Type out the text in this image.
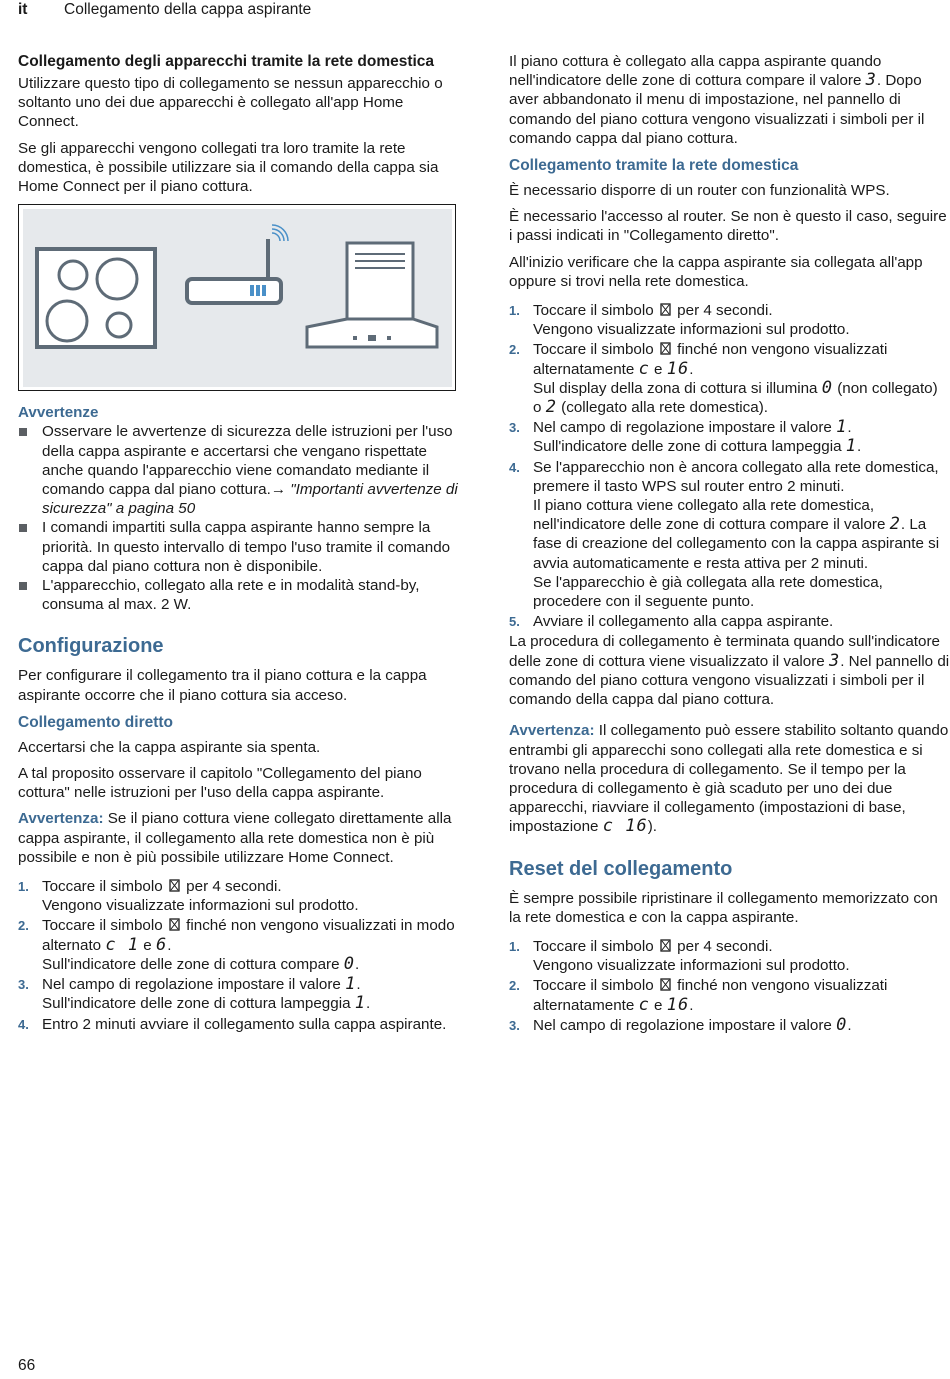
it Collegamento della cappa aspirante
Collegamento degli apparecchi tramite la rete domestica

Utilizzare questo tipo di collegamento se nessun apparecchio o soltanto uno dei due apparecchi è collegato all'app Home Connect.

Se gli apparecchi vengono collegati tra loro tramite la rete domestica, è possibile utilizzare sia il comando della cappa sia Home Connect per il piano cottura.

Avvertenze
Osservare le avvertenze di sicurezza delle istruzioni per l'uso della cappa aspirante e accertarsi che vengano rispettate anche quando l'apparecchio viene comandato mediante il comando cappa dal piano cottura.→ "Importanti avvertenze di sicurezza" a pagina 50
I comandi impartiti sulla cappa aspirante hanno sempre la priorità. In questo intervallo di tempo l'uso tramite il comando cappa dal piano cottura non è disponibile.
L'apparecchio, collegato alla rete e in modalità stand-by, consuma al max. 2 W.
Configurazione

Per configurare il collegamento tra il piano cottura e la cappa aspirante occorre che il piano cottura sia acceso.

Collegamento diretto

Accertarsi che la cappa aspirante sia spenta.

A tal proposito osservare il capitolo "Collegamento del piano cottura" nelle istruzioni per l'uso della cappa aspirante.

Avvertenza: Se il piano cottura viene collegato direttamente alla cappa aspirante, il collegamento alla rete domestica non è più possibile e non è più possibile utilizzare Home Connect.

1. Toccare il simbolo per 4 secondi.
Vengono visualizzate informazioni sul prodotto.
2. Toccare il simbolo finché non vengono visualizzati in modo alternato c 1 e 6.
Sull'indicatore delle zone di cottura compare 0.
3. Nel campo di regolazione impostare il valore 1.
Sull'indicatore delle zone di cottura lampeggia 1.
4. Entro 2 minuti avviare il collegamento sulla cappa aspirante.

Il piano cottura è collegato alla cappa aspirante quando nell'indicatore delle zone di cottura compare il valore 3. Dopo aver abbandonato il menu di impostazione, nel pannello di comando del piano cottura vengono visualizzati i simboli per il comando cappa dal piano cottura.

Collegamento tramite la rete domestica

È necessario disporre di un router con funzionalità WPS.

È necessario l'accesso al router. Se non è questo il caso, seguire i passi indicati in "Collegamento diretto".

All'inizio verificare che la cappa aspirante sia collegata all'app oppure si trovi nella rete domestica.

1. Toccare il simbolo per 4 secondi.
Vengono visualizzate informazioni sul prodotto.
2. Toccare il simbolo finché non vengono visualizzati alternatamente c e 16.
Sul display della zona di cottura si illumina 0 (non collegato) o 2 (collegato alla rete domestica).
3. Nel campo di regolazione impostare il valore 1.
Sull'indicatore delle zone di cottura lampeggia 1.
4. Se l'apparecchio non è ancora collegato alla rete domestica, premere il tasto WPS sul router entro 2 minuti.
Il piano cottura viene collegato alla rete domestica, nell'indicatore delle zone di cottura compare il valore 2. La fase di creazione del collegamento con la cappa aspirante si avvia automaticamente e resta attiva per 2 minuti.
Se l'apparecchio è già collegata alla rete domestica, procedere con il seguente punto.
5. Avviare il collegamento alla cappa aspirante.

La procedura di collegamento è terminata quando sull'indicatore delle zone di cottura viene visualizzato il valore 3. Nel pannello di comando del piano cottura vengono visualizzati i simboli per il comando della cappa dal piano cottura.

Avvertenza: Il collegamento può essere stabilito soltanto quando entrambi gli apparecchi sono collegati alla rete domestica e si trovano nella procedura di collegamento. Se il tempo per la procedura di collegamento è già scaduto per uno dei due apparecchi, riavviare il collegamento (impostazioni di base, impostazione c 16).

Reset del collegamento

È sempre possibile ripristinare il collegamento memorizzato con la rete domestica e con la cappa aspirante.

1. Toccare il simbolo per 4 secondi.
Vengono visualizzate informazioni sul prodotto.
2. Toccare il simbolo finché non vengono visualizzati alternatamente c e 16.
3. Nel campo di regolazione impostare il valore 0.
66
